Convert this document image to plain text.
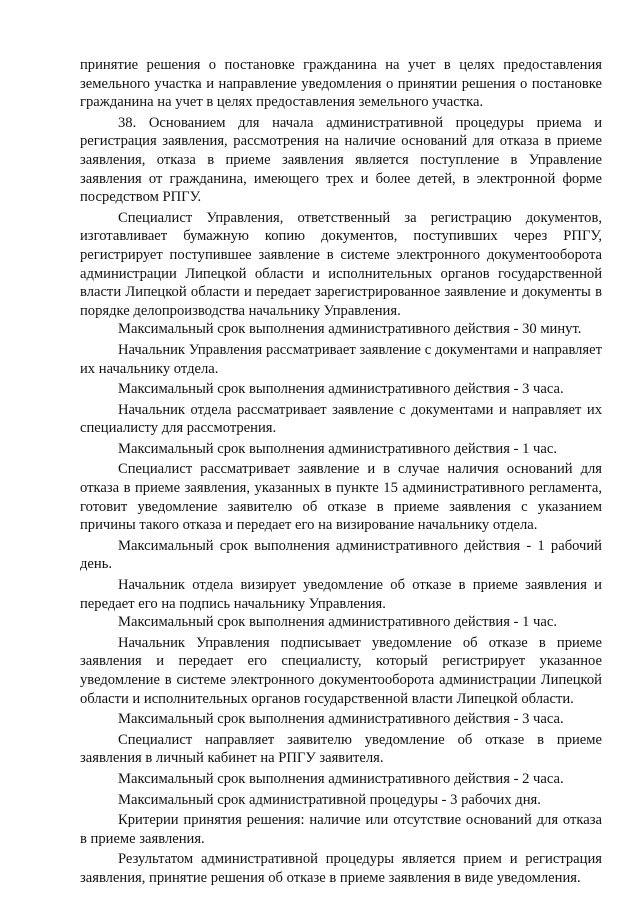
принятие решения о постановке гражданина на учет в целях предоставления земельного участка и направление уведомления о принятии решения о постановке гражданина на учет в целях предоставления земельного участка.

38. Основанием для начала административной процедуры приема и регистрация заявления, рассмотрения на наличие оснований для отказа в приеме заявления, отказа в приеме заявления является поступление в Управление заявления от гражданина, имеющего трех и более детей, в электронной форме посредством РПГУ.

Специалист Управления, ответственный за регистрацию документов, изготавливает бумажную копию документов, поступивших через РПГУ, регистрирует поступившее заявление в системе электронного документооборота администрации Липецкой области и исполнительных органов государственной власти Липецкой области и передает зарегистрированное заявление и документы в порядке делопроизводства начальнику Управления.

Максимальный срок выполнения административного действия - 30 минут.

Начальник Управления рассматривает заявление с документами и направляет их начальнику отдела.

Максимальный срок выполнения административного действия - 3 часа.

Начальник отдела рассматривает заявление с документами и направляет их специалисту для рассмотрения.

Максимальный срок выполнения административного действия - 1 час.

Специалист рассматривает заявление и в случае наличия оснований для отказа в приеме заявления, указанных в пункте 15 административного регламента, готовит уведомление заявителю об отказе в приеме заявления с указанием причины такого отказа и передает его на визирование начальнику отдела.

Максимальный срок выполнения административного действия - 1 рабочий день.

Начальник отдела визирует уведомление об отказе в приеме заявления и передает его на подпись начальнику Управления.

Максимальный срок выполнения административного действия - 1 час.

Начальник Управления подписывает уведомление об отказе в приеме заявления и передает его специалисту, который регистрирует указанное уведомление в системе электронного документооборота администрации Липецкой области и исполнительных органов государственной власти Липецкой области.

Максимальный срок выполнения административного действия - 3 часа.

Специалист направляет заявителю уведомление об отказе в приеме заявления в личный кабинет на РПГУ заявителя.

Максимальный срок выполнения административного действия - 2 часа.

Максимальный срок административной процедуры - 3 рабочих дня.

Критерии принятия решения: наличие или отсутствие оснований для отказа в приеме заявления.

Результатом административной процедуры является прием и регистрация заявления, принятие решения об отказе в приеме заявления в виде уведомления.
